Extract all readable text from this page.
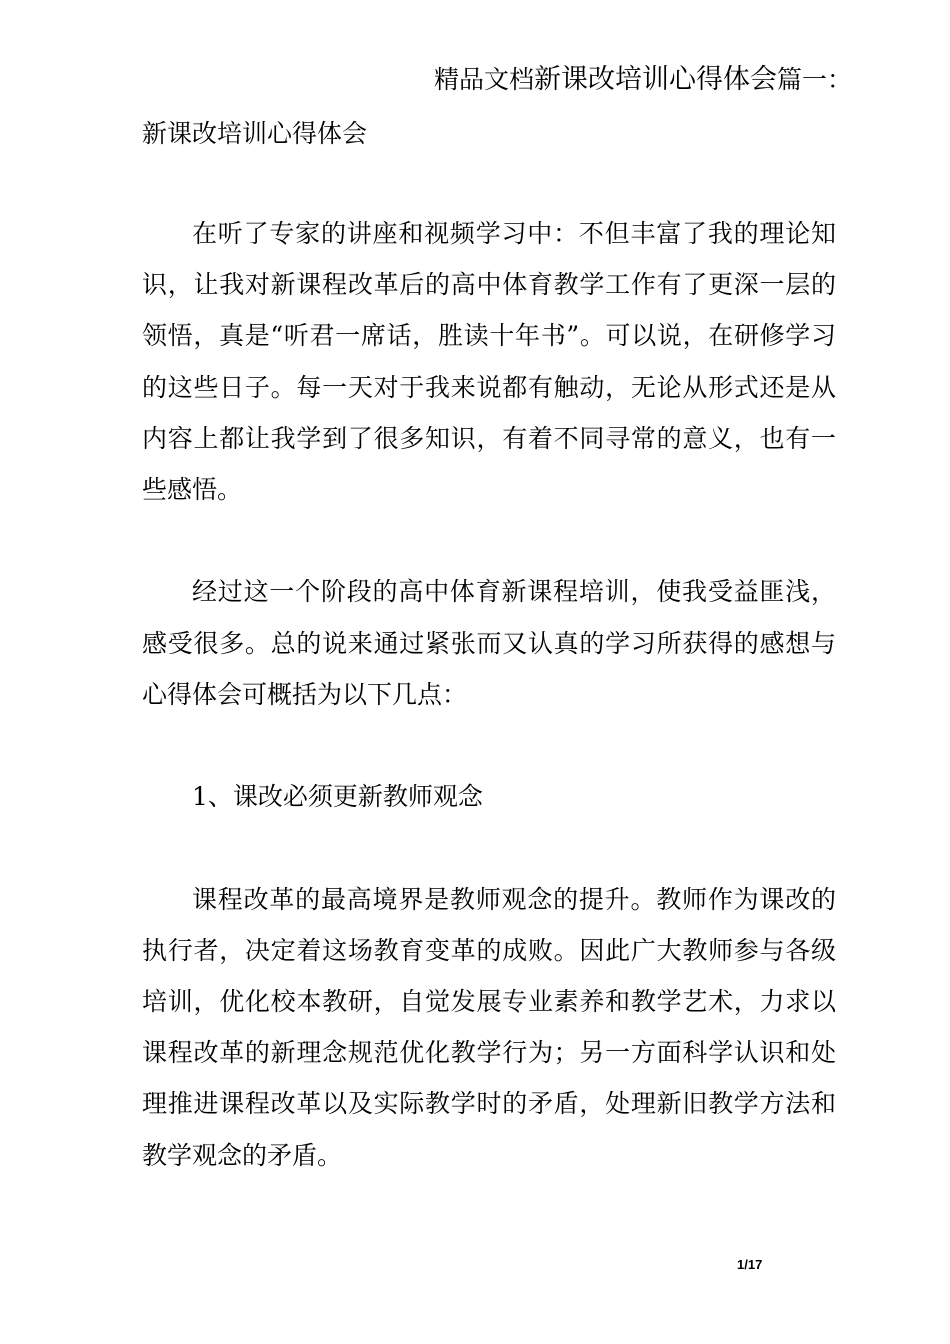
精品文档新课改培训心得体会篇一：
新课改培训心得体会

在听了专家的讲座和视频学习中：不但丰富了我的理论知识，让我对新课程改革后的高中体育教学工作有了更深一层的领悟，真是“听君一席话，胜读十年书”。可以说，在研修学习的这些日子。每一天对于我来说都有触动，无论从形式还是从内容上都让我学到了很多知识，有着不同寻常的意义，也有一些感悟。

经过这一个阶段的高中体育新课程培训，使我受益匪浅，感受很多。总的说来通过紧张而又认真的学习所获得的感想与心得体会可概括为以下几点：

1、课改必须更新教师观念

课程改革的最高境界是教师观念的提升。教师作为课改的执行者，决定着这场教育变革的成败。因此广大教师参与各级培训，优化校本教研，自觉发展专业素养和教学艺术，力求以课程改革的新理念规范优化教学行为；另一方面科学认识和处理推进课程改革以及实际教学时的矛盾，处理新旧教学方法和教学观念的矛盾。

1/17
